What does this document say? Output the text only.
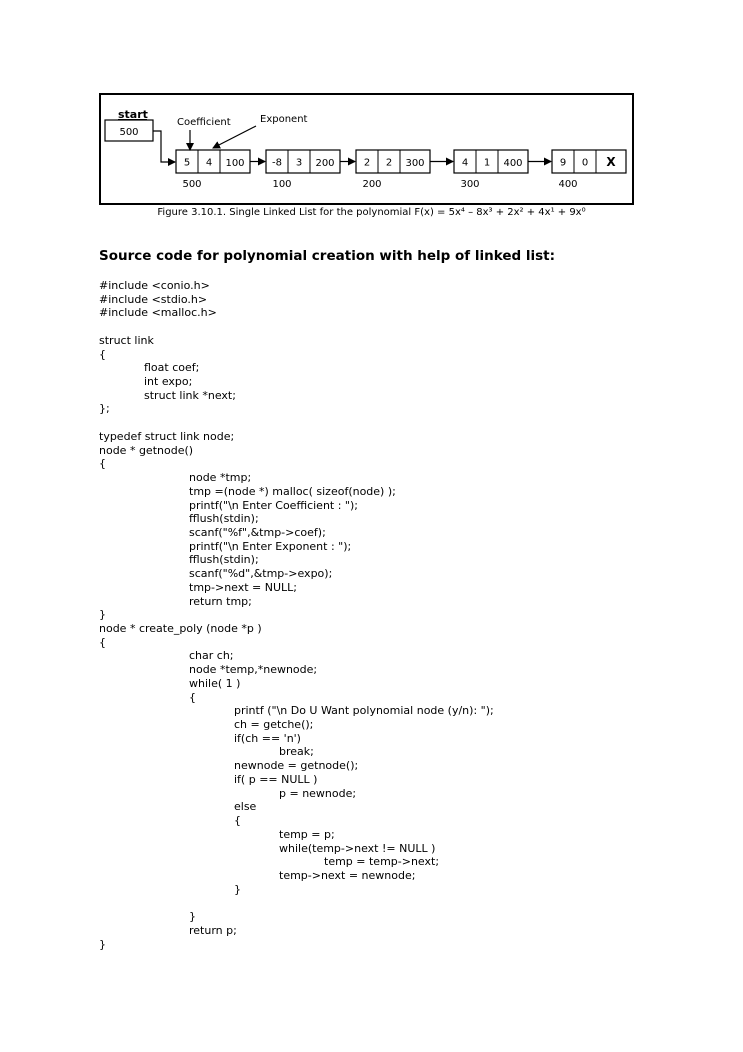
start
500
Coefficient	Exponent
5 4 100
500
-8 3 200
100
2 2 300
200
4 1 400
300
9 0 X
400
Figure 3.10.1. Single Linked List for the polynomial F(x) = 5x⁴ – 8x³ + 2x² + 4x¹ + 9x⁰
Source code for polynomial creation with help of linked list:
#include <conio.h>
#include <stdio.h>
#include <malloc.h>
struct link
{
float coef;
int expo;
struct link *next;
};
typedef struct link node;
node * getnode()
{
node *tmp;
tmp =(node *) malloc( sizeof(node) );
printf("\n Enter Coefficient : ");
fflush(stdin);
scanf("%f",&tmp->coef);
printf("\n Enter Exponent : ");
fflush(stdin);
scanf("%d",&tmp->expo);
tmp->next = NULL;
return tmp;
}
node * create_poly (node *p )
{
char ch;
node *temp,*newnode;
while( 1 )
{
printf ("\n Do U Want polynomial node (y/n): ");
ch = getche();
if(ch == 'n')
break;
newnode = getnode();
if( p == NULL )
p = newnode;
else
{
temp = p;
while(temp->next != NULL )
temp = temp->next;
temp->next = newnode;
}
}
return p;
}
